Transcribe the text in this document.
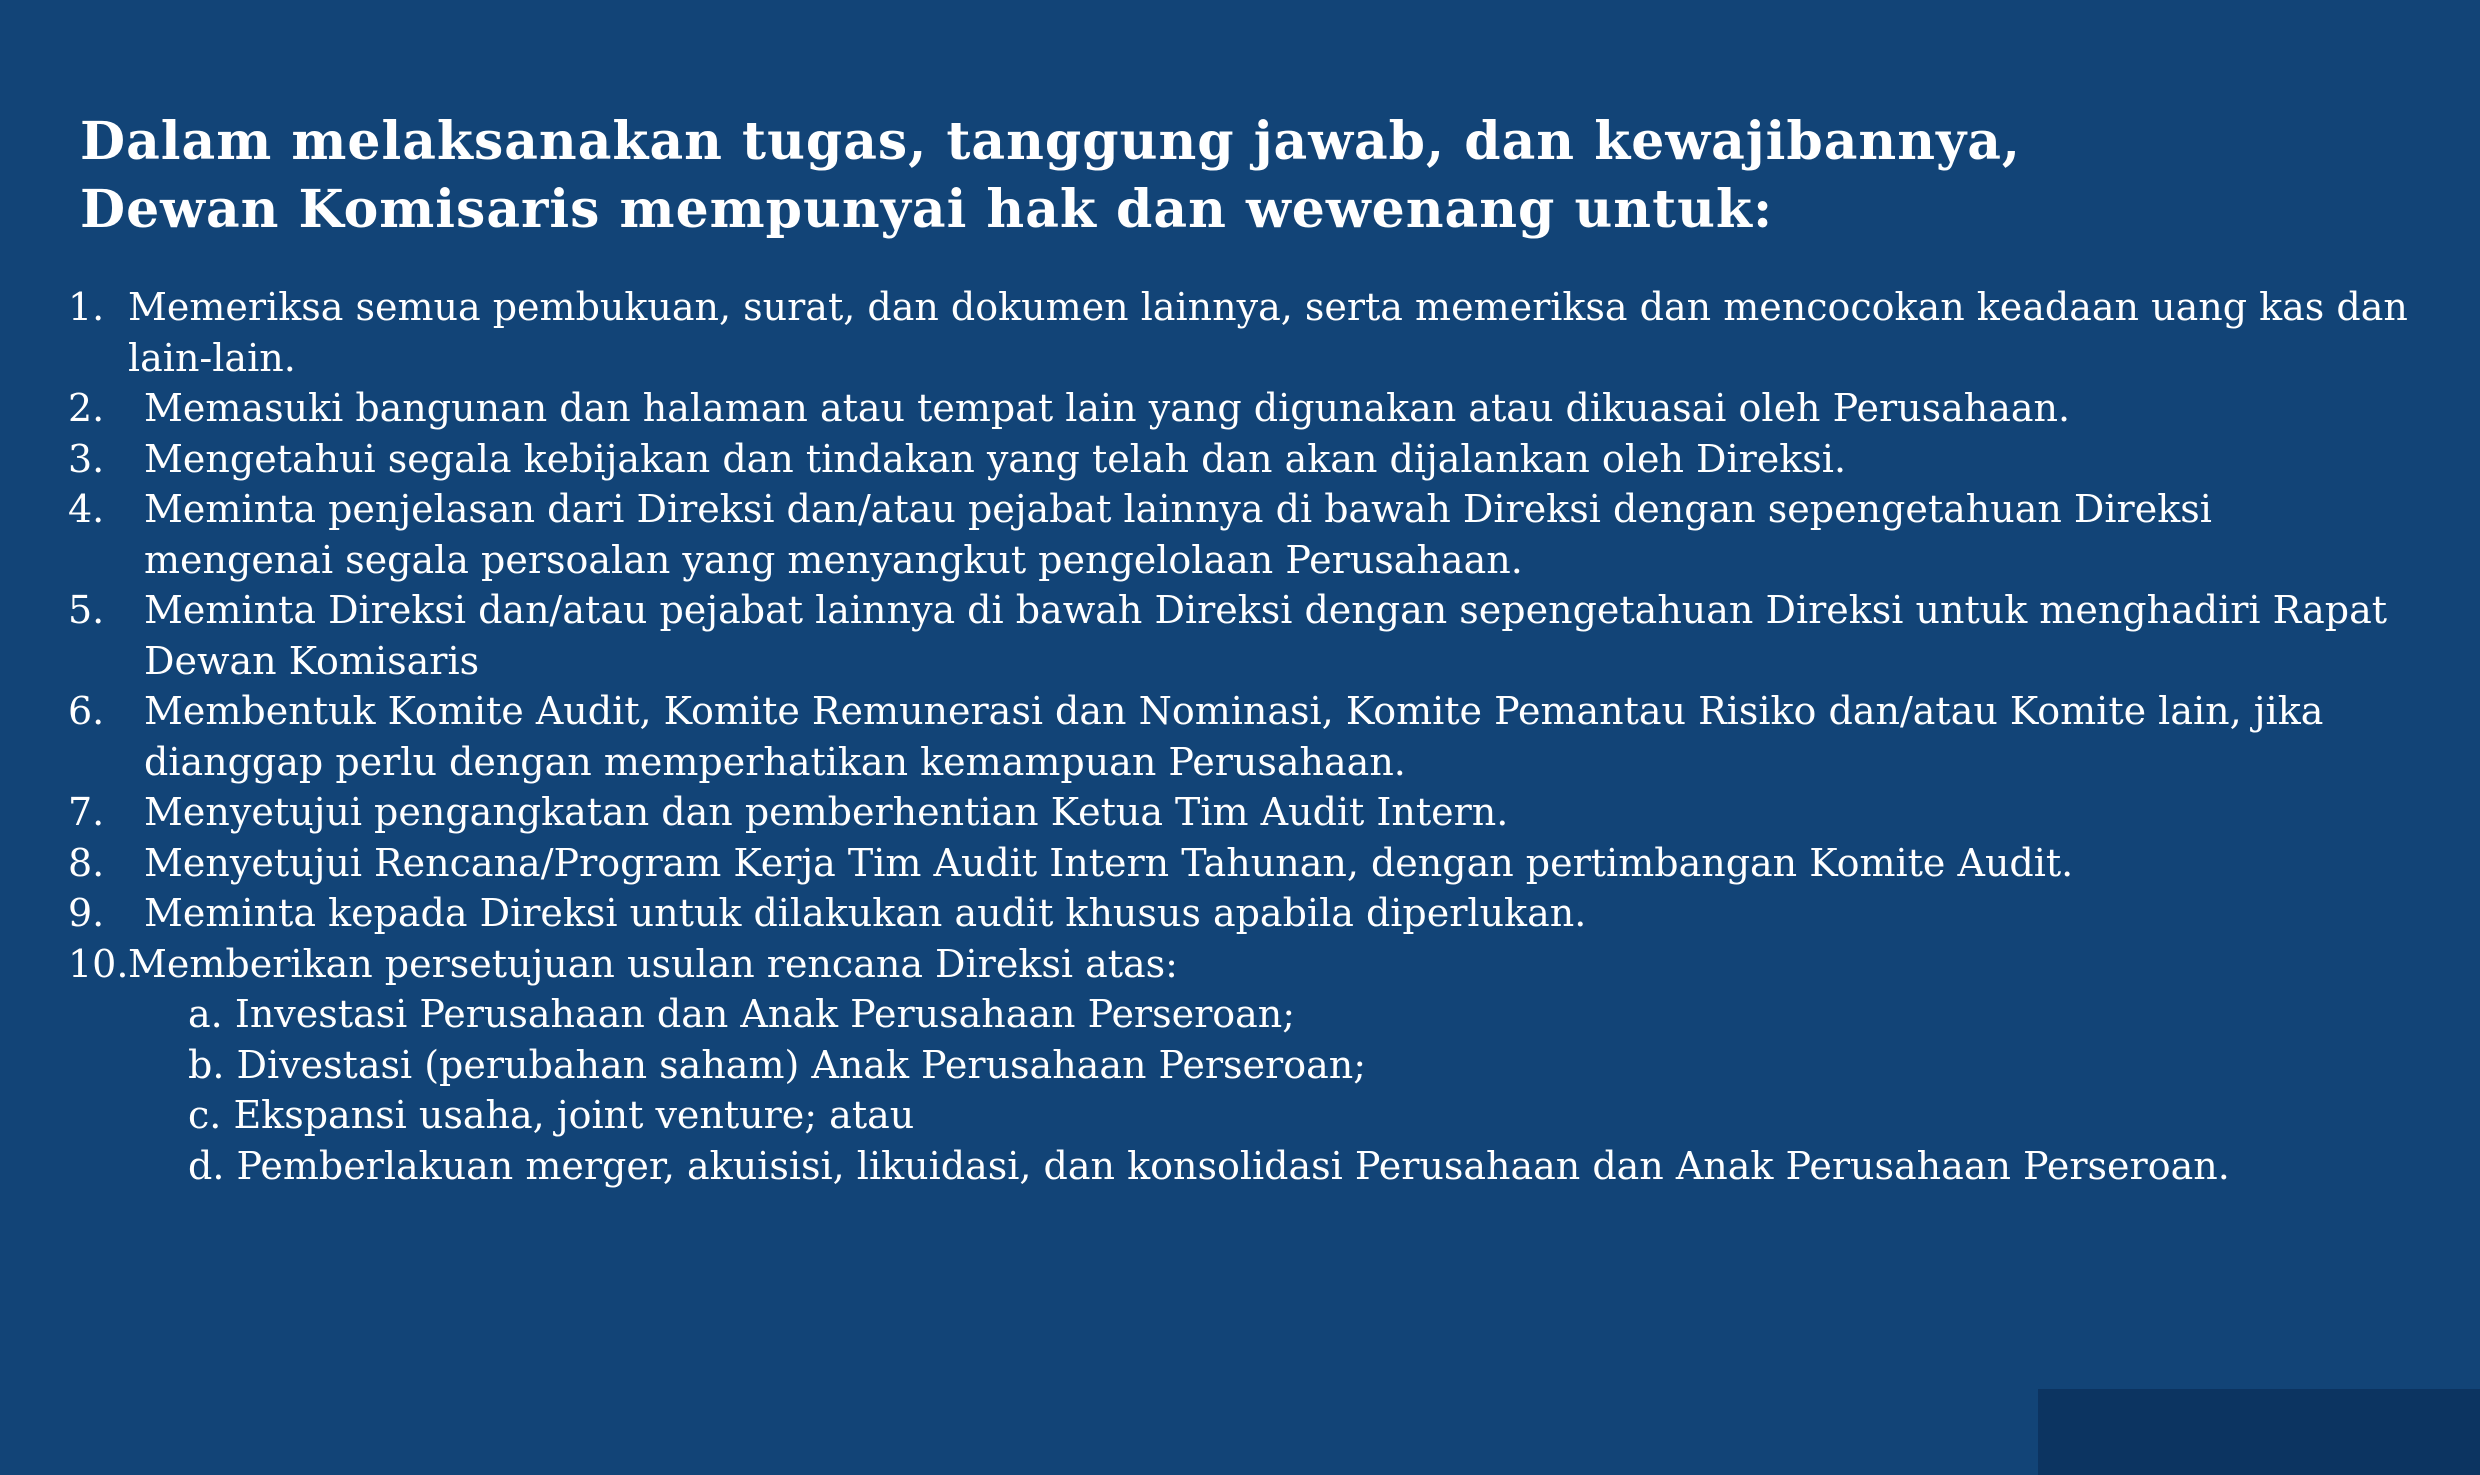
Dalam melaksanakan tugas, tanggung jawab, dan kewajibannya,
Dewan Komisaris mempunyai hak dan wewenang untuk:
1. Memeriksa semua pembukuan, surat, dan dokumen lainnya, serta memeriksa dan mencocokan keadaan uang kas dan lain-lain.
2. Memasuki bangunan dan halaman atau tempat lain yang digunakan atau dikuasai oleh Perusahaan.
3. Mengetahui segala kebijakan dan tindakan yang telah dan akan dijalankan oleh Direksi.
4. Meminta penjelasan dari Direksi dan/atau pejabat lainnya di bawah Direksi dengan sepengetahuan Direksi mengenai segala persoalan yang menyangkut pengelolaan Perusahaan.
5. Meminta Direksi dan/atau pejabat lainnya di bawah Direksi dengan sepengetahuan Direksi untuk menghadiri Rapat Dewan Komisaris
6. Membentuk Komite Audit, Komite Remunerasi dan Nominasi, Komite Pemantau Risiko dan/atau Komite lain, jika dianggap perlu dengan memperhatikan kemampuan Perusahaan.
7. Menyetujui pengangkatan dan pemberhentian Ketua Tim Audit Intern.
8. Menyetujui Rencana/Program Kerja Tim Audit Intern Tahunan, dengan pertimbangan Komite Audit.
9. Meminta kepada Direksi untuk dilakukan audit khusus apabila diperlukan.
10. Memberikan persetujuan usulan rencana Direksi atas:
a. Investasi Perusahaan dan Anak Perusahaan Perseroan;
b. Divestasi (perubahan saham) Anak Perusahaan Perseroan;
c. Ekspansi usaha, joint venture; atau
d. Pemberlakuan merger, akuisisi, likuidasi, dan konsolidasi Perusahaan dan Anak Perusahaan Perseroan.
